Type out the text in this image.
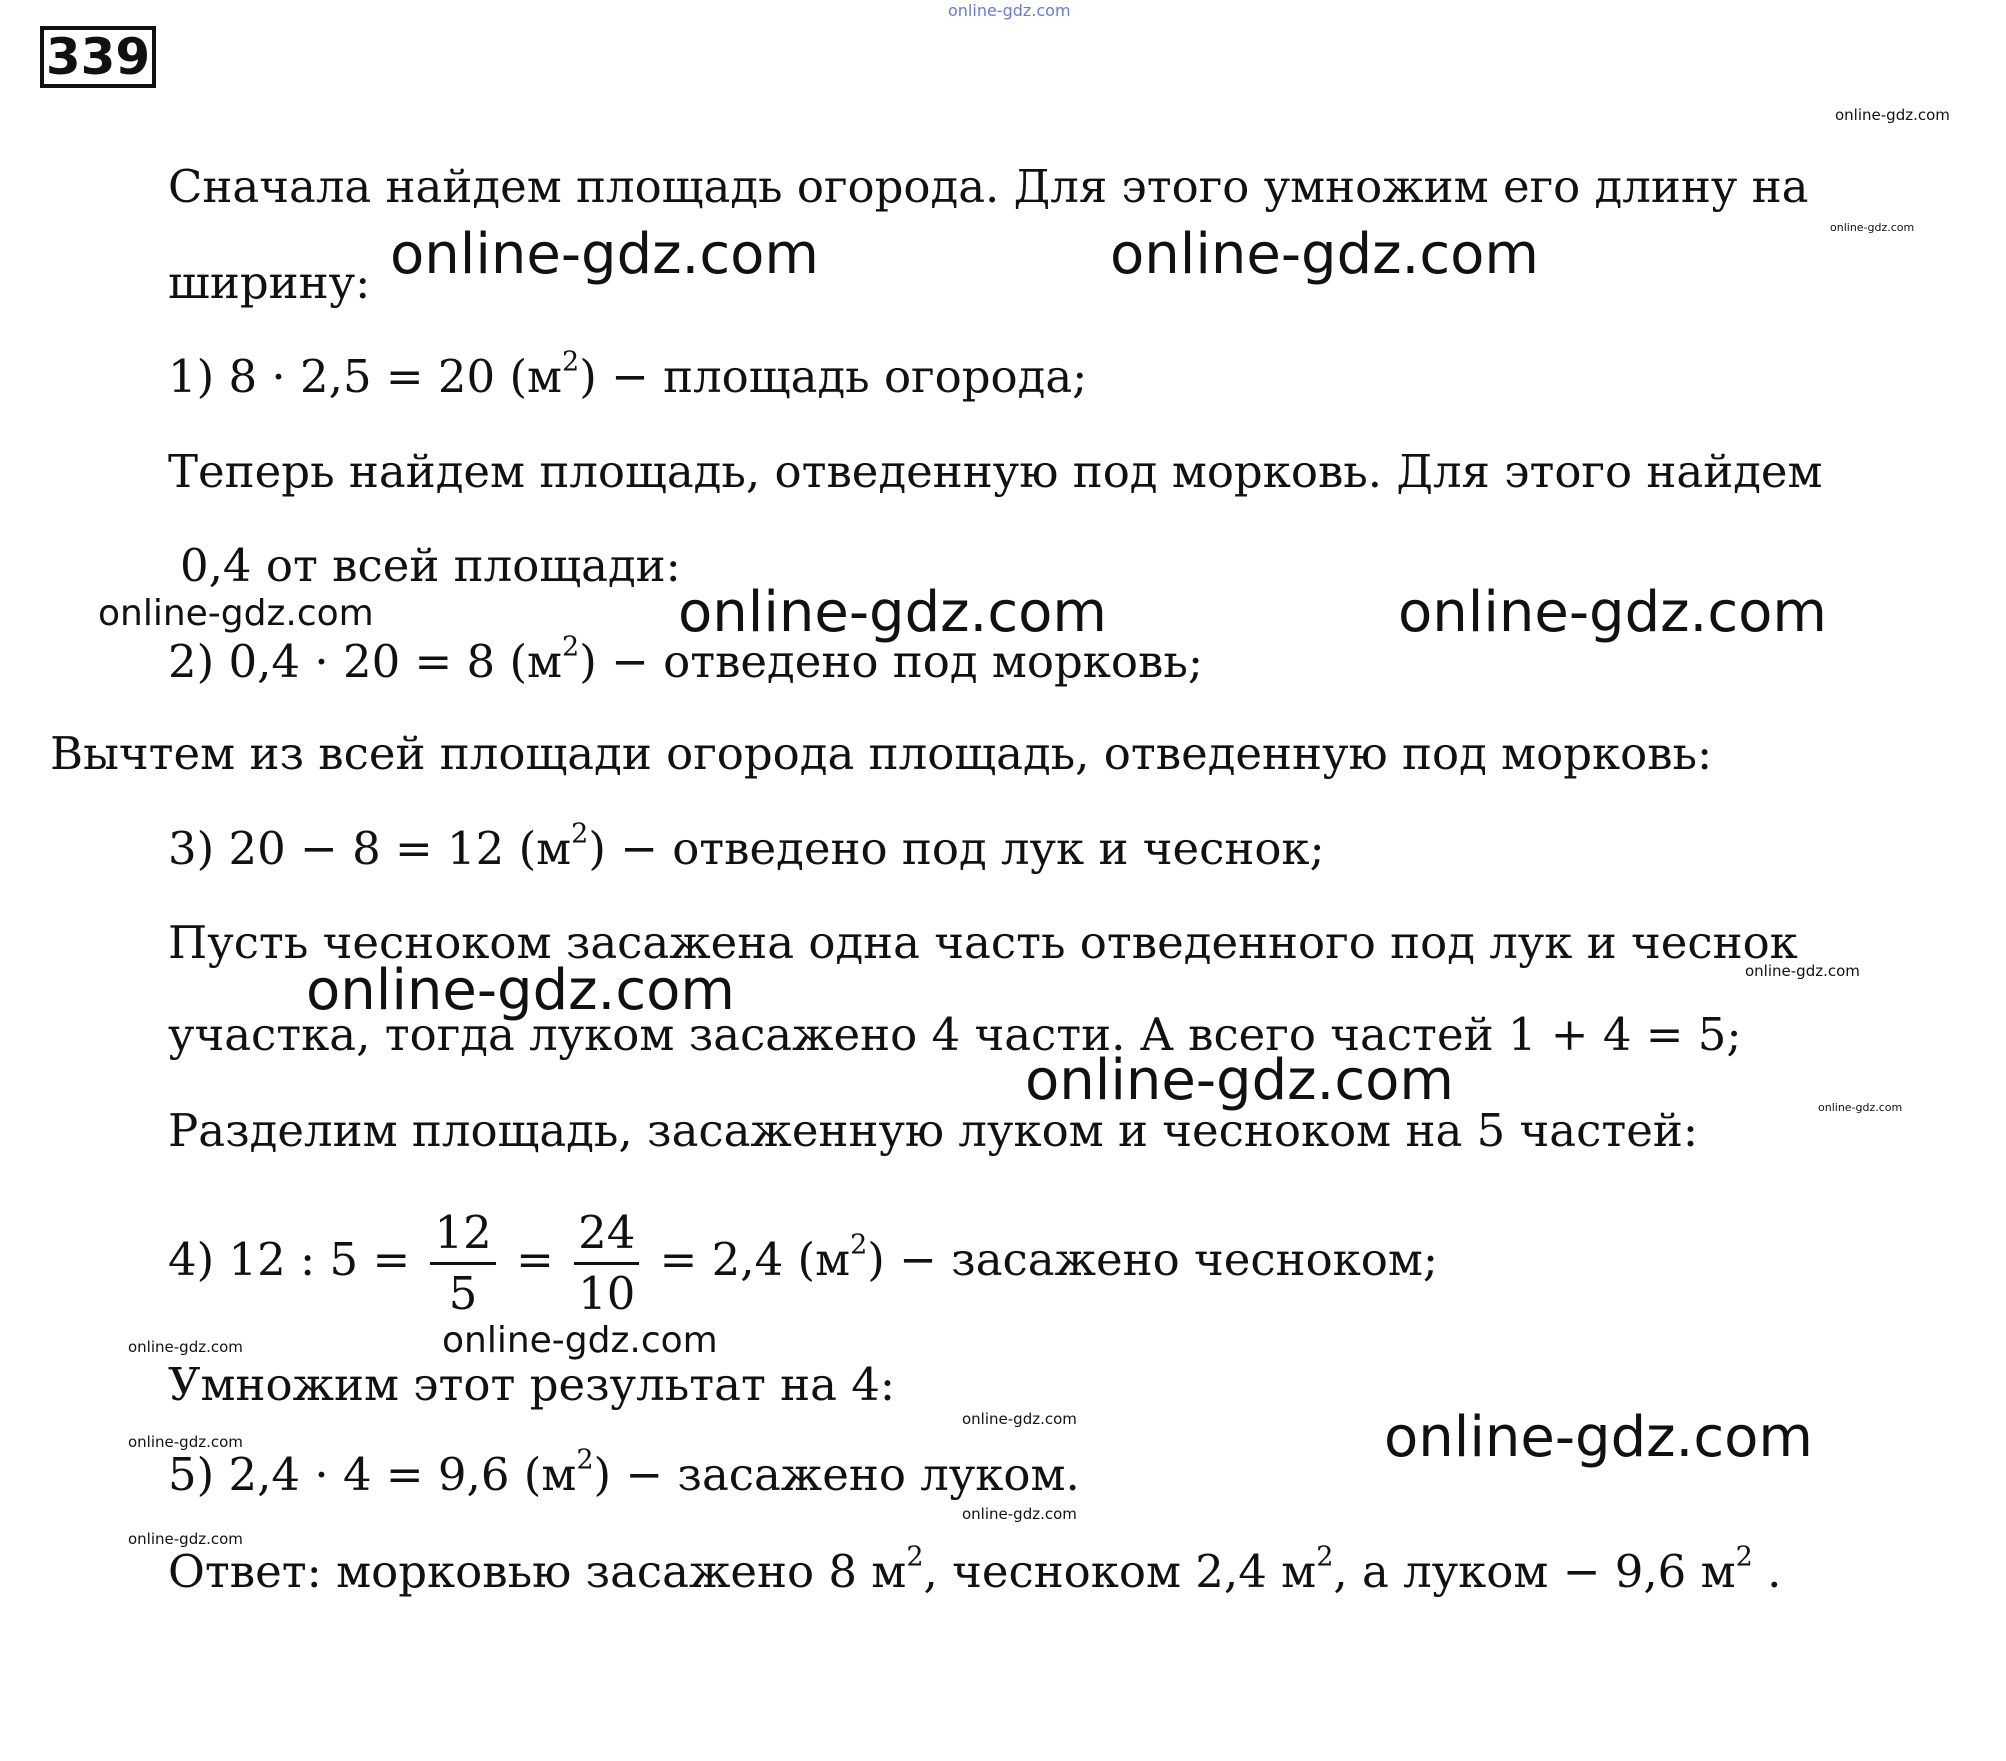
339
Сначала найдем площадь огорода. Для этого умножим его длину на
ширину:
1) 8 · 2,5 = 20 $(м^2)$ − площадь огорода;
Теперь найдем площадь, отведенную под морковь. Для этого найдем
0,4 от всей площади:
2) 0,4 · 20 = 8 $(м^2)$ − отведено под морковь;
Вычтем из всей площади огорода площадь, отведенную под морковь:
3) 20 − 8 = 12 $(м^2)$ − отведено под лук и чеснок;
Пусть чесноком засажена одна часть отведенного под лук и чеснок
участка, тогда луком засажено 4 части. А всего частей 1 + 4 = 5;
Разделим площадь, засаженную луком и чесноком на 5 частей:
4) 12 : $5 = \frac{12}{5} = \frac{24}{10} = 2,4$ $(м^2)$ − засажено чесноком;
Умножим этот результат на 4:
5) 2,4 · 4 = 9,6 $(м^2)$ − засажено луком.
Ответ: морковью засажено 8 $м^2$, чесноком 2,4 $м^2$, а луком − 9,6 $м^2$ .
online-gdz.com
online-gdz.com
online-gdz.com
online-gdz.com	online-gdz.com
online-gdz.com	online-gdz.com	online-gdz.com
online-gdz.com	online-gdz.com
online-gdz.com	online-gdz.com
online-gdz.com	online-gdz.com
online-gdz.com	online-gdz.com
online-gdz.com
online-gdz.com
online-gdz.com
